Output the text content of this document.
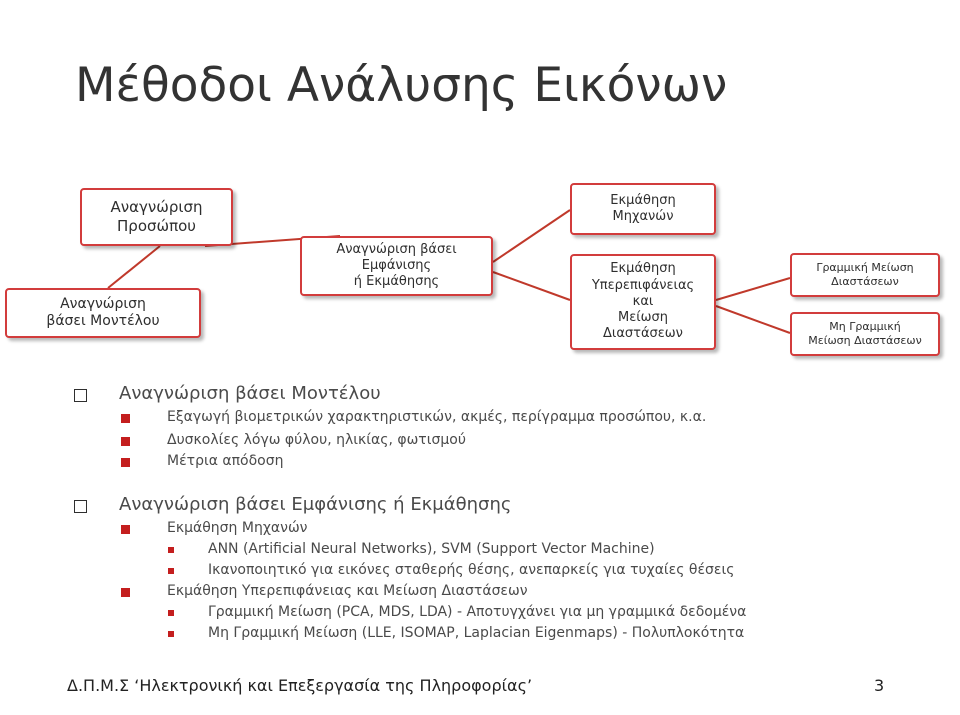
Μέθοδοι Ανάλυσης Εικόνων
Αναγνώριση
Προσώπου
Αναγνώριση
βάσει Μοντέλου
Αναγνώριση βάσει
Εμφάνισης
ή Εκμάθησης
Εκμάθηση
Μηχανών
Εκμάθηση
Υπερεπιφάνειας
και
Μείωση
Διαστάσεων
Γραμμική Μείωση
Διαστάσεων
Μη Γραμμική
Μείωση Διαστάσεων
Αναγνώριση βάσει Μοντέλου
Εξαγωγή βιομετρικών χαρακτηριστικών, ακμές, περίγραμμα προσώπου, κ.α.
Δυσκολίες λόγω φύλου, ηλικίας, φωτισμού
Μέτρια απόδοση
Αναγνώριση βάσει Εμφάνισης ή Εκμάθησης
Εκμάθηση Μηχανών
ANN (Artificial Neural Networks), SVM (Support Vector Machine)
Ικανοποιητικό για εικόνες σταθερής θέσης, ανεπαρκείς για τυχαίες θέσεις
Εκμάθηση Υπερεπιφάνειας και Μείωση Διαστάσεων
Γραμμική Μείωση (PCA, MDS, LDA) - Αποτυγχάνει για μη γραμμικά δεδομένα
Μη Γραμμική Μείωση (LLE, ISOMAP, Laplacian Eigenmaps) - Πολυπλοκότητα
Δ.Π.Μ.Σ ‘Ηλεκτρονική και Επεξεργασία της Πληροφορίας’	3
